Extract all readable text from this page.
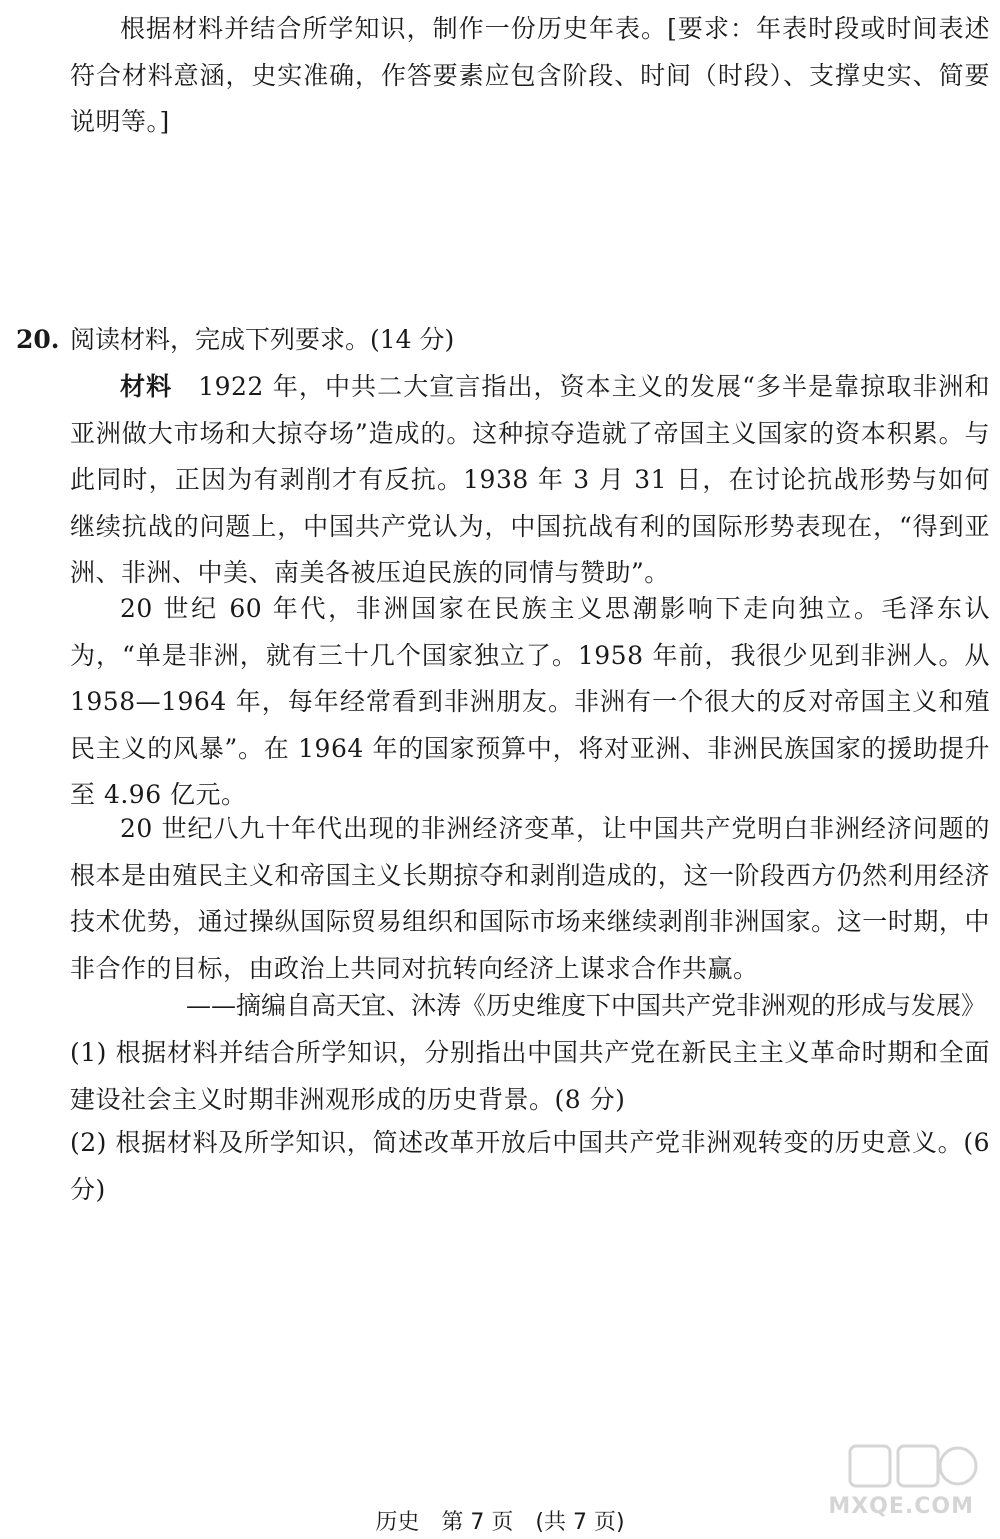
根据材料并结合所学知识，制作一份历史年表。[要求：年表时段或时间表述符合材料意涵，史实准确，作答要素应包含阶段、时间（时段）、支撑史实、简要说明等。]

20. 阅读材料，完成下列要求。(14 分)

材料　 1922 年，中共二大宣言指出，资本主义的发展“多半是靠掠取非洲和亚洲做大市场和大掠夺场”造成的。这种掠夺造就了帝国主义国家的资本积累。与此同时，正因为有剥削才有反抗。1938 年 3 月 31 日，在讨论抗战形势与如何继续抗战的问题上，中国共产党认为，中国抗战有利的国际形势表现在，“得到亚洲、非洲、中美、南美各被压迫民族的同情与赞助”。

20 世纪 60 年代，非洲国家在民族主义思潮影响下走向独立。毛泽东认为，“单是非洲，就有三十几个国家独立了。1958 年前，我很少见到非洲人。从 1958—1964 年，每年经常看到非洲朋友。非洲有一个很大的反对帝国主义和殖民主义的风暴”。在 1964 年的国家预算中，将对亚洲、非洲民族国家的援助提升至 4.96 亿元。

20 世纪八九十年代出现的非洲经济变革，让中国共产党明白非洲经济问题的根本是由殖民主义和帝国主义长期掠夺和剥削造成的，这一阶段西方仍然利用经济技术优势，通过操纵国际贸易组织和国际市场来继续剥削非洲国家。这一时期，中非合作的目标，由政治上共同对抗转向经济上谋求合作共赢。

——摘编自高天宜、沐涛《历史维度下中国共产党非洲观的形成与发展》

(1) 根据材料并结合所学知识，分别指出中国共产党在新民主主义革命时期和全面建设社会主义时期非洲观形成的历史背景。(8 分)

(2) 根据材料及所学知识，简述改革开放后中国共产党非洲观转变的历史意义。(6 分)

MXQE.COM

历史　第 7 页　(共 7 页)
